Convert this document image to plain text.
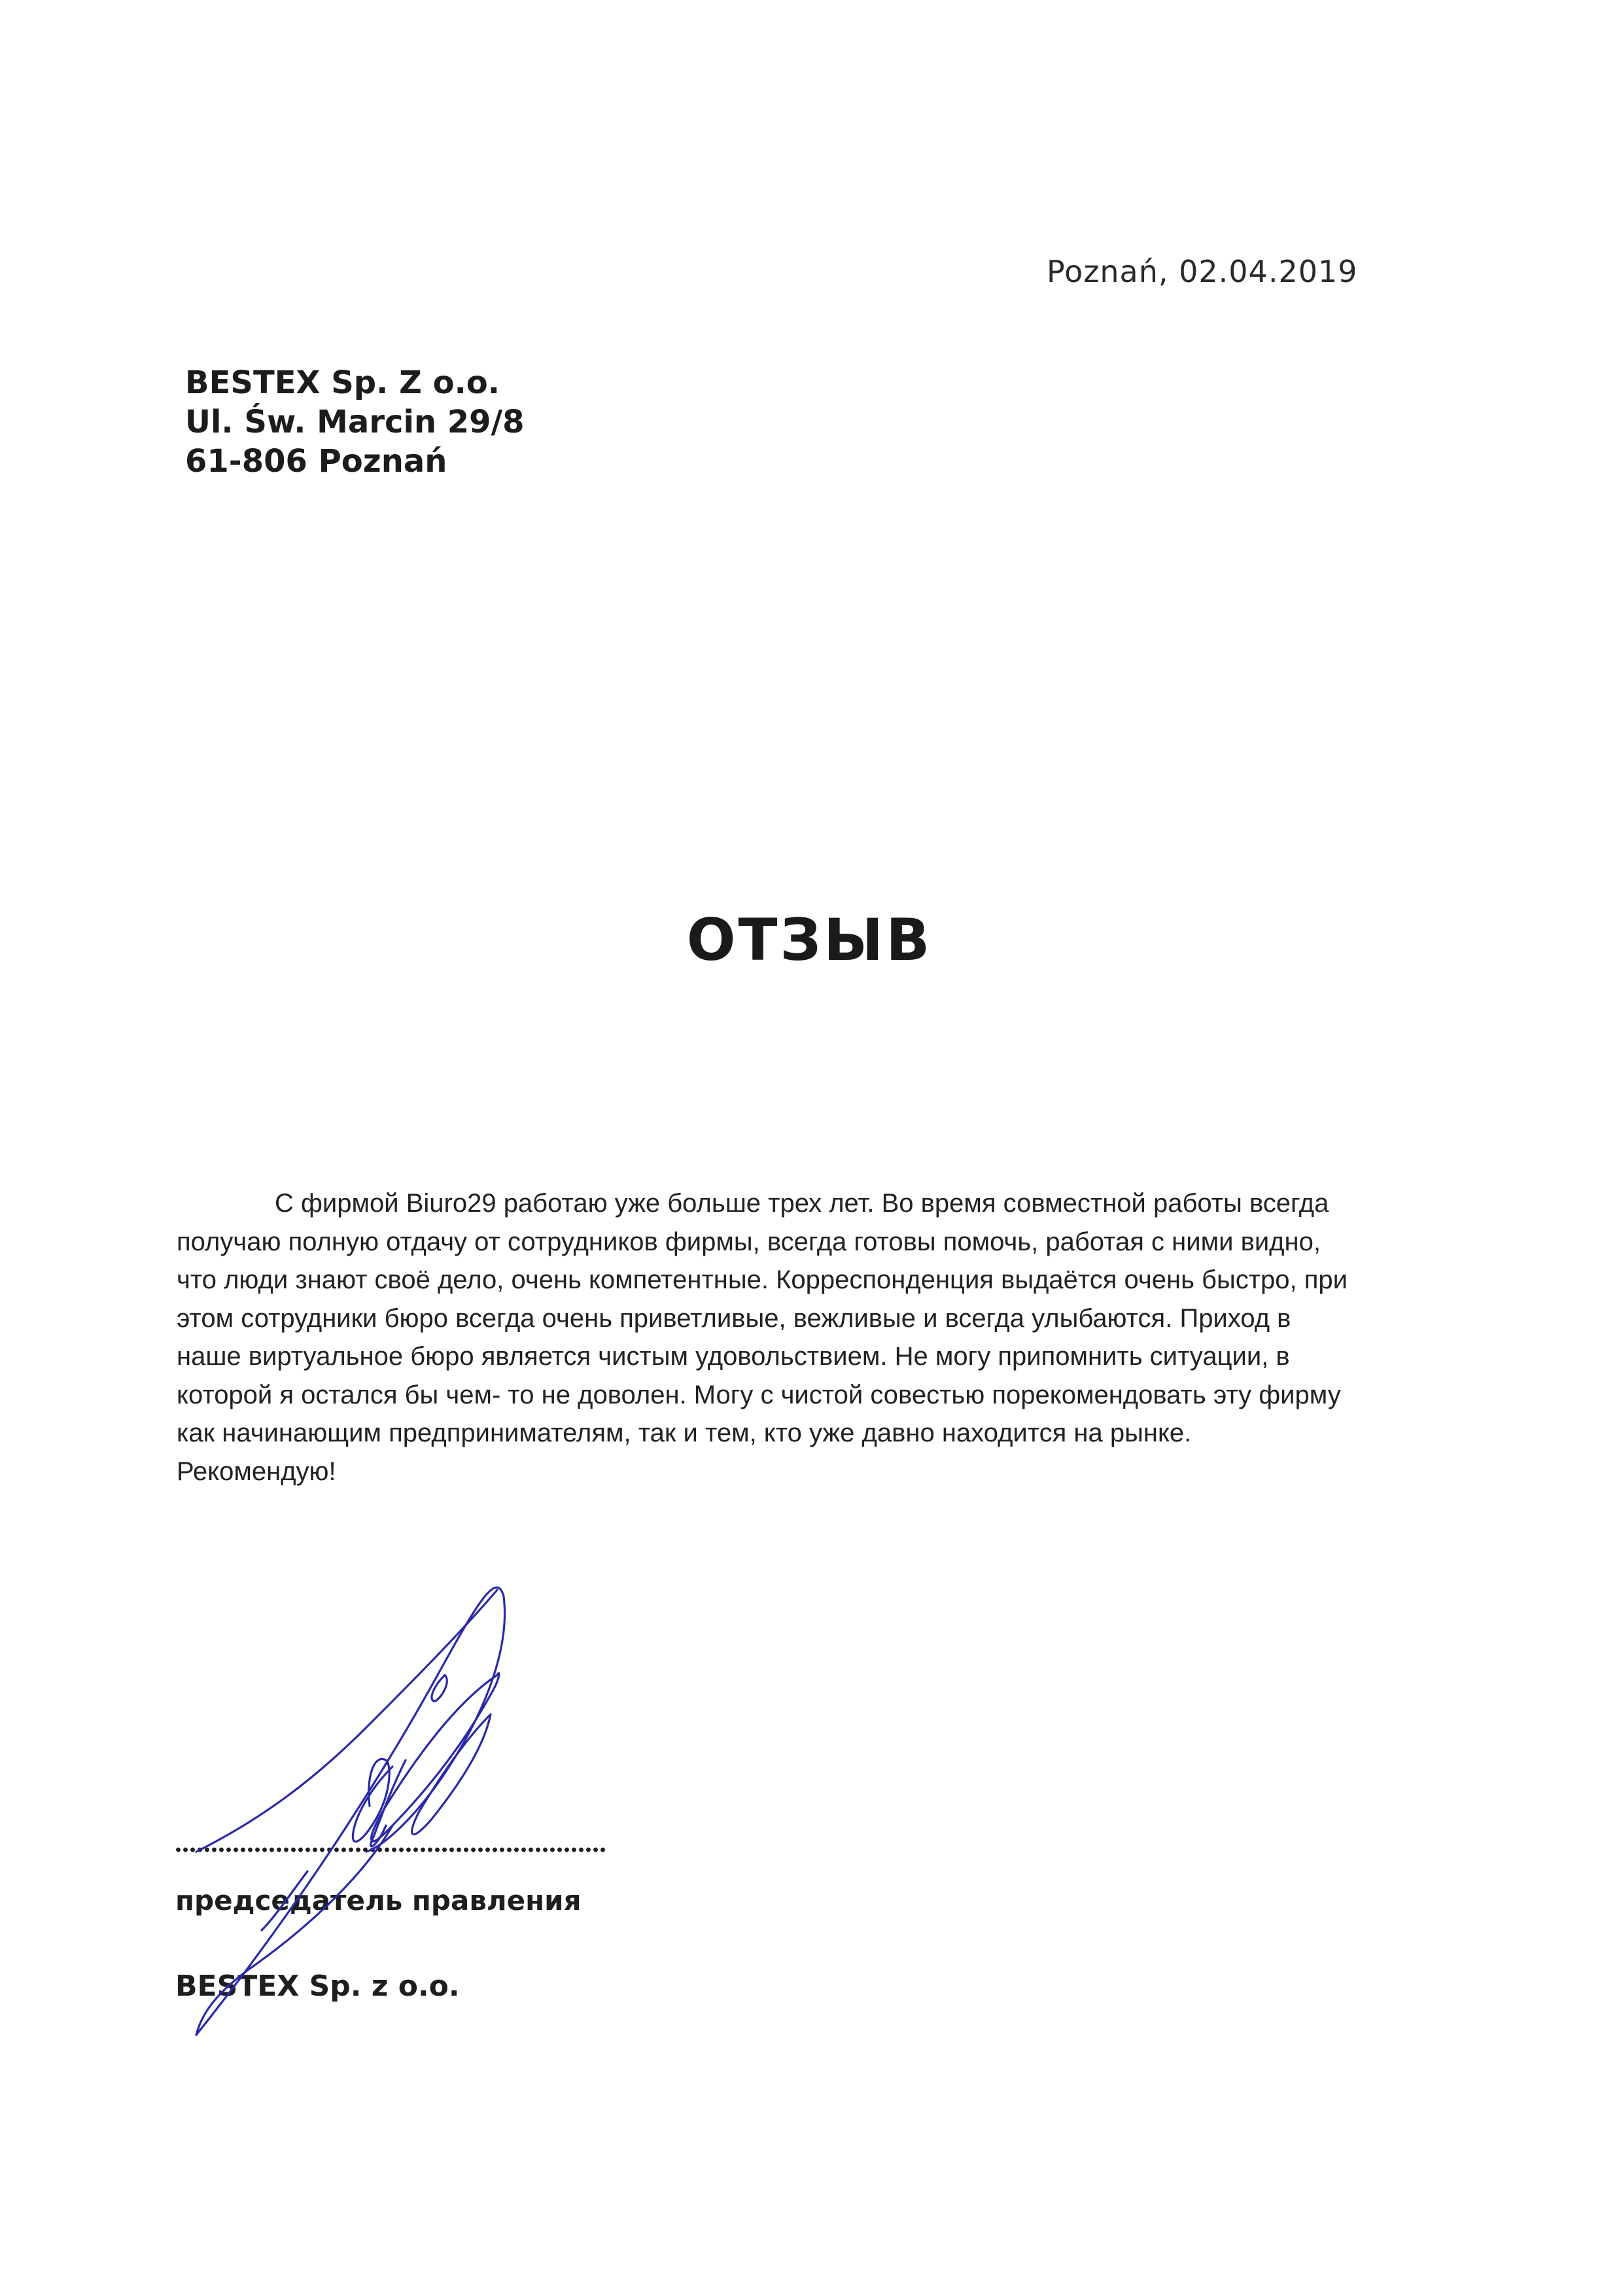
Poznań, 02.04.2019
BESTEX Sp. Z o.o.
Ul. Św. Marcin 29/8
61-806 Poznań
ОТЗЫВ
С фирмой Biuro29 работаю уже больше трех лет. Во время совместной работы всегда
получаю полную отдачу от сотрудников фирмы, всегда готовы помочь, работая с ними видно,
что люди знают своё дело, очень компетентные. Корреспонденция выдаётся очень быстро, при
этом сотрудники бюро всегда очень приветливые, вежливые и всегда улыбаются. Приход в
наше виртуальное бюро является чистым удовольствием. Не могу припомнить ситуации, в
которой я остался бы чем- то не доволен. Могу с чистой совестью порекомендовать эту фирму
как начинающим предпринимателям, так и тем, кто уже давно находится на рынке.
Рекомендую!
председатель правления
BESTEX Sp. z o.o.
